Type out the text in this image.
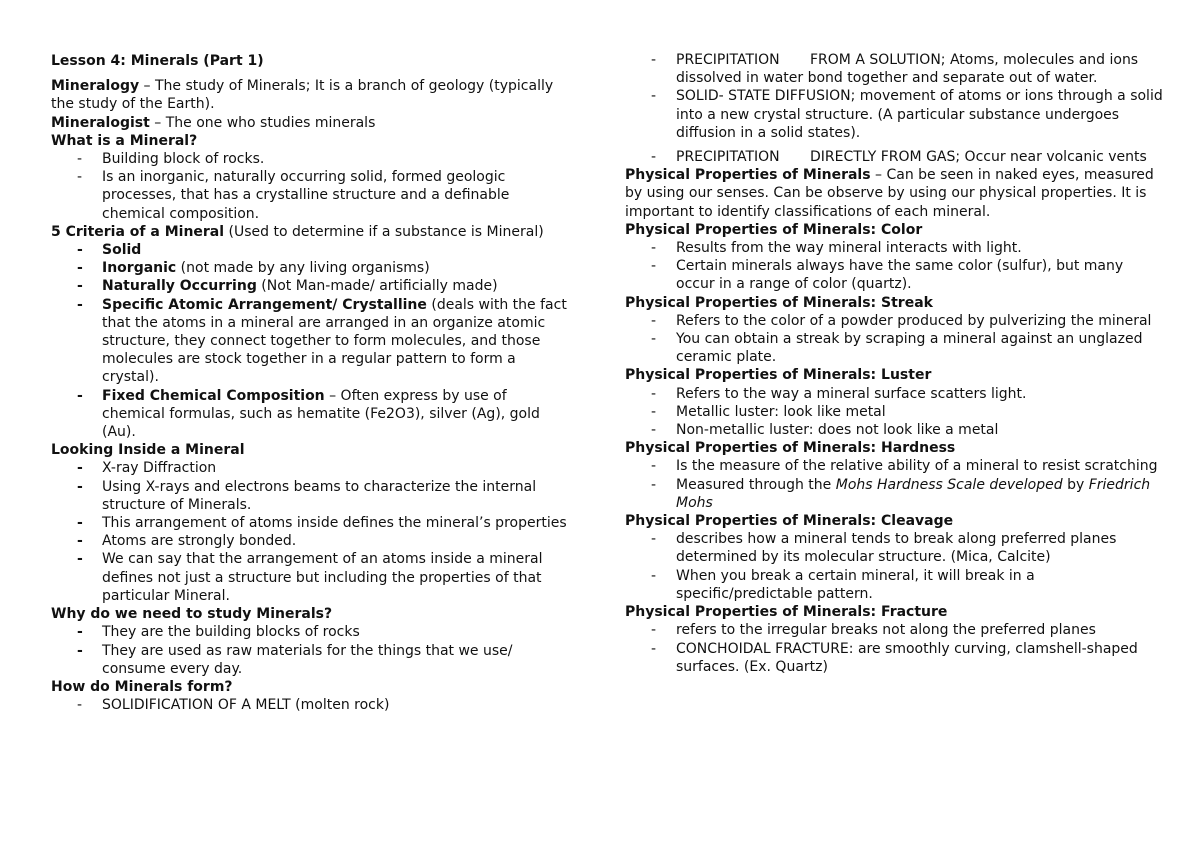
Lesson 4: Minerals (Part 1)
Mineralogy – The study of Minerals; It is a branch of geology (typically the study of the Earth).
Mineralogist – The one who studies minerals
What is a Mineral?
-	Building block of rocks.
-	Is an inorganic, naturally occurring solid, formed geologic processes, that has a crystalline structure and a definable chemical composition.
5 Criteria of a Mineral (Used to determine if a substance is Mineral)
-	Solid
-	Inorganic (not made by any living organisms)
-	Naturally Occurring (Not Man-made/ artificially made)
-	Specific Atomic Arrangement/ Crystalline (deals with the fact that the atoms in a mineral are arranged in an organize atomic structure, they connect together to form molecules, and those molecules are stock together in a regular pattern to form a crystal).
-	Fixed Chemical Composition – Often express by use of chemical formulas, such as hematite (Fe2O3), silver (Ag), gold (Au).
Looking Inside a Mineral
-	X-ray Diffraction
-	Using X-rays and electrons beams to characterize the internal structure of Minerals.
-	This arrangement of atoms inside defines the mineral’s properties
-	Atoms are strongly bonded.
-	We can say that the arrangement of an atoms inside a mineral defines not just a structure but including the properties of that particular Mineral.
Why do we need to study Minerals?
-	They are the building blocks of rocks
-	They are used as raw materials for the things that we use/ consume every day.
How do Minerals form?
-	SOLIDIFICATION OF A MELT (molten rock)
-	PRECIPITATION FROM A SOLUTION; Atoms, molecules and ions dissolved in water bond together and separate out of water.
-	SOLID- STATE DIFFUSION; movement of atoms or ions through a solid into a new crystal structure. (A particular substance undergoes diffusion in a solid states).
-	PRECIPITATION DIRECTLY FROM GAS; Occur near volcanic vents
Physical Properties of Minerals – Can be seen in naked eyes, measured by using our senses. Can be observe by using our physical properties. It is important to identify classifications of each mineral.
Physical Properties of Minerals: Color
-	Results from the way mineral interacts with light.
-	Certain minerals always have the same color (sulfur), but many occur in a range of color (quartz).
Physical Properties of Minerals: Streak
-	Refers to the color of a powder produced by pulverizing the mineral
-	You can obtain a streak by scraping a mineral against an unglazed ceramic plate.
Physical Properties of Minerals: Luster
-	Refers to the way a mineral surface scatters light.
-	Metallic luster: look like metal
-	Non-metallic luster: does not look like a metal
Physical Properties of Minerals: Hardness
-	Is the measure of the relative ability of a mineral to resist scratching
-	Measured through the Mohs Hardness Scale developed by Friedrich Mohs
Physical Properties of Minerals: Cleavage
-	describes how a mineral tends to break along preferred planes determined by its molecular structure. (Mica, Calcite)
-	When you break a certain mineral, it will break in a specific/predictable pattern.
Physical Properties of Minerals: Fracture
-	refers to the irregular breaks not along the preferred planes
-	CONCHOIDAL FRACTURE: are smoothly curving, clamshell-shaped surfaces. (Ex. Quartz)
